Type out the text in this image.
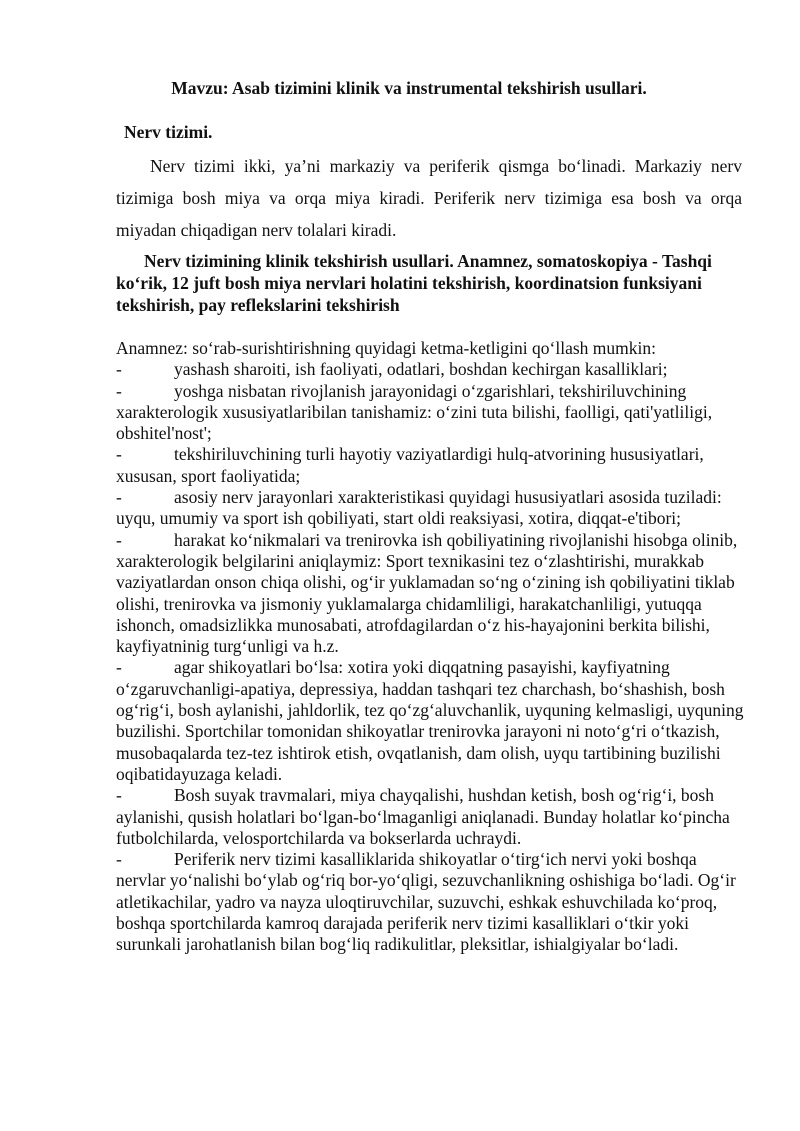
Mavzu: Asab tizimini klinik va instrumental tekshirish usullari.
Nerv tizimi.

Nerv tizimi ikki, ya’ni markaziy va periferik qismga bo‘linadi. Markaziy nerv tizimiga bosh miya va orqa miya kiradi. Periferik nerv tizimiga esa bosh va orqa miyadan chiqadigan nerv tolalari kiradi.

Nerv tizimining klinik tekshirish usullari. Anamnez, somatoskopiya - Tashqi ko‘rik, 12 juft bosh miya nervlari holatini tekshirish, koordinatsion funksiyani tekshirish, pay reflekslarini tekshirish

Anamnez: so‘rab-surishtirishning quyidagi ketma-ketligini qo‘llash mumkin:

-	yashash sharoiti, ish faoliyati, odatlari, boshdan kechirgan kasalliklari;

-	yoshga nisbatan rivojlanish jarayonidagi o‘zgarishlari, tekshiriluvchining xarakterologik xususiyatlaribilan tanishamiz: o‘zini tuta bilishi, faolligi, qati'yatliligi, obshitel'nost';

-	tekshiriluvchining turli hayotiy vaziyatlardigi hulq-atvorining hususiyatlari, xususan, sport faoliyatida;

-	asosiy nerv jarayonlari xarakteristikasi quyidagi hususiyatlari asosida tuziladi: uyqu, umumiy va sport ish qobiliyati, start oldi reaksiyasi, xotira, diqqat-e'tibori;

-	harakat ko‘nikmalari va trenirovka ish qobiliyatining rivojlanishi hisobga olinib, xarakterologik belgilarini aniqlaymiz: Sport texnikasini tez o‘zlashtirishi, murakkab vaziyatlardan onson chiqa olishi, og‘ir yuklamadan so‘ng o‘zining ish qobiliyatini tiklab olishi, trenirovka va jismoniy yuklamalarga chidamliligi, harakatchanliligi, yutuqqa ishonch, omadsizlikka munosabati, atrofdagilardan o‘z his-hayajonini berkita bilishi, kayfiyatninig turg‘unligi va h.z.

-	agar shikoyatlari bo‘lsa: xotira yoki diqqatning pasayishi, kayfiyatning o‘zgaruvchanligi-apatiya, depressiya, haddan tashqari tez charchash, bo‘shashish, bosh og‘rig‘i, bosh aylanishi, jahldorlik, tez qo‘zg‘aluvchanlik, uyquning kelmasligi, uyquning buzilishi. Sportchilar tomonidan shikoyatlar trenirovka jarayoni ni noto‘g‘ri o‘tkazish, musobaqalarda tez-tez ishtirok etish, ovqatlanish, dam olish, uyqu tartibining buzilishi oqibatidayuzaga keladi.

-	Bosh suyak travmalari, miya chayqalishi, hushdan ketish, bosh og‘rig‘i, bosh aylanishi, qusish holatlari bo‘lgan-bo‘lmaganligi aniqlanadi. Bunday holatlar ko‘pincha futbolchilarda, velosportchilarda va bokserlarda uchraydi.

-	Periferik nerv tizimi kasalliklarida shikoyatlar o‘tirg‘ich nervi yoki boshqa nervlar yo‘nalishi bo‘ylab og‘riq bor-yo‘qligi, sezuvchanlikning oshishiga bo‘ladi. Og‘ir atletikachilar, yadro va nayza uloqtiruvchilar, suzuvchi, eshkak eshuvchilada ko‘proq, boshqa sportchilarda kamroq darajada periferik nerv tizimi kasalliklari o‘tkir yoki surunkali jarohatlanish bilan bog‘liq radikulitlar, pleksitlar, ishialgiyalar bo‘ladi.
